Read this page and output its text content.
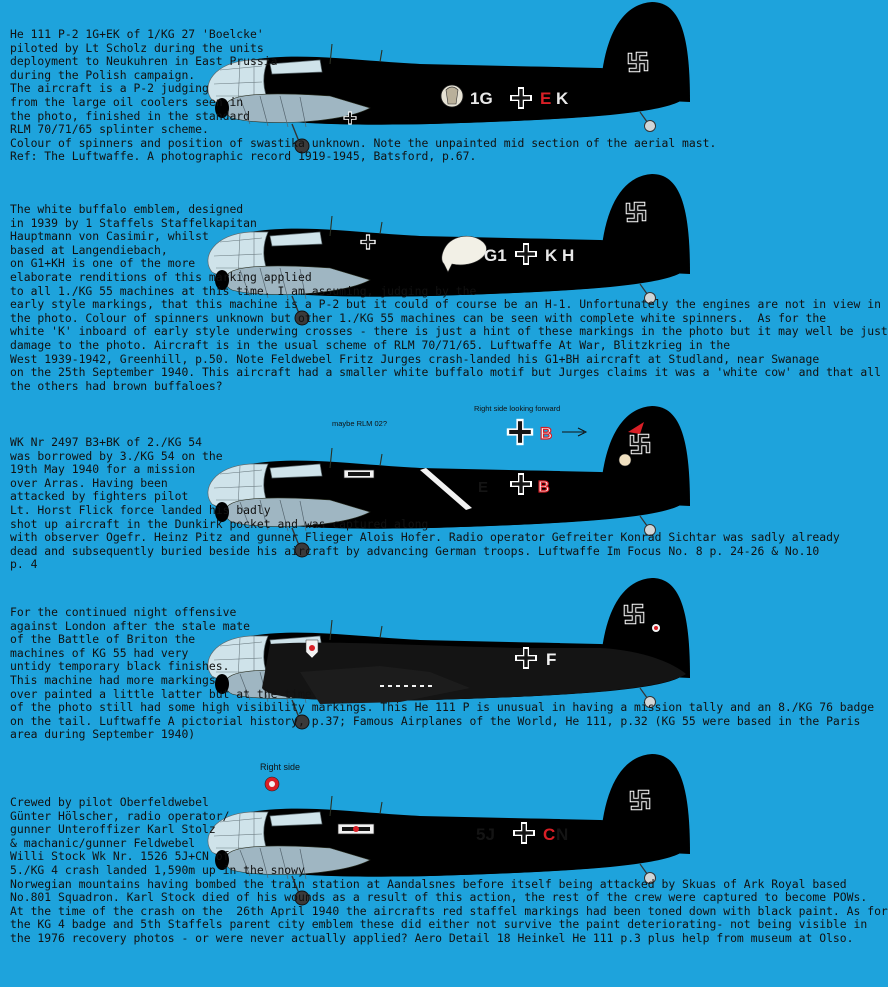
1G	E K
He 111 P-2 1G+EK of 1/KG 27 'Boelcke'
piloted by Lt Scholz during the units
deployment to Neukuhren in East Prussia
during the Polish campaign.
The aircraft is a P-2 judging
from the large oil coolers seen in
the photo, finished in the standard
RLM 70/71/65 splinter scheme.
Colour of spinners and position of swastika unknown. Note the unpainted mid section of the aerial mast.
Ref: The Luftwaffe. A photographic record 1919-1945, Batsford, p.67.
G1 K H
The white buffalo emblem, designed
in 1939 by 1 Staffels Staffelkapitan
Hauptmann von Casimir, whilst
based at Langendiebach,
on G1+KH is one of the more
elaborate renditions of this marking applied
to all 1./KG 55 machines at this time. I am assuming, judging by the
early style markings, that this machine is a P-2 but it could of course be an H-1. Unfortunately the engines are not in view in
the photo. Colour of spinners unknown but other 1./KG 55 machines can be seen with complete white spinners.  As for the
white 'K' inboard of early style underwing crosses - there is just a hint of these markings in the photo but it may well be just
damage to the photo. Aircraft is in the usual scheme of RLM 70/71/65. Luftwaffe At War, Blitzkrieg in the
West 1939-1942, Greenhill, p.50. Note Feldwebel Fritz Jurges crash-landed his G1+BH aircraft at Studland, near Swanage
on the 25th September 1940. This aircraft had a smaller white buffalo motif but Jurges claims it was a 'white cow' and that all
the others had brown buffaloes?
E	B
B
maybe RLM 02?
Right side looking forward
WK Nr 2497 B3+BK of 2./KG 54
was borrowed by 3./KG 54 on the
19th May 1940 for a mission
over Arras. Having been
attacked by fighters pilot
Lt. Horst Flick force landed his badly
shot up aircraft in the Dunkirk pocket and was captured along
with observer Ogefr. Heinz Pitz and gunner Flieger Alois Hofer. Radio operator Gefreiter Konrad Sichtar was sadly already
dead and subsequently buried beside his aircraft by advancing German troops. Luftwaffe Im Focus No. 8 p. 24-26 & No.10
p. 4
F
For the continued night offensive
against London after the stale mate
of the Battle of Briton the
machines of KG 55 had very
untidy temporary black finishes.
This machine had more markings
over painted a little latter but at the time
of the photo still had some high visibility markings. This He 111 P is unusual in having a mission tally and an 8./KG 76 badge
on the tail. Luftwaffe A pictorial history, p.37; Famous Airplanes of the World, He 111, p.32 (KG 55 were based in the Paris
area during September 1940)
5J	C N
Right side
Crewed by pilot Oberfeldwebel
Günter Hölscher, radio operator/
gunner Unteroffizer Karl Stolz
& machanic/gunner Feldwebel
Willi Stock Wk Nr. 1526 5J+CN of
5./KG 4 crash landed 1,590m up in the snowy
Norwegian mountains having bombed the train station at Aandalsnes before itself being attacked by Skuas of Ark Royal based
No.801 Squadron. Karl Stock died of his wounds as a result of this action, the rest of the crew were captured to become POWs.
At the time of the crash on the  26th April 1940 the aircrafts red staffel markings had been toned down with black paint. As for
the KG 4 badge and 5th Staffels parent city emblem these did either not survive the paint deteriorating- not being visible in
the 1976 recovery photos - or were never actually applied? Aero Detail 18 Heinkel He 111 p.3 plus help from museum at Olso.
